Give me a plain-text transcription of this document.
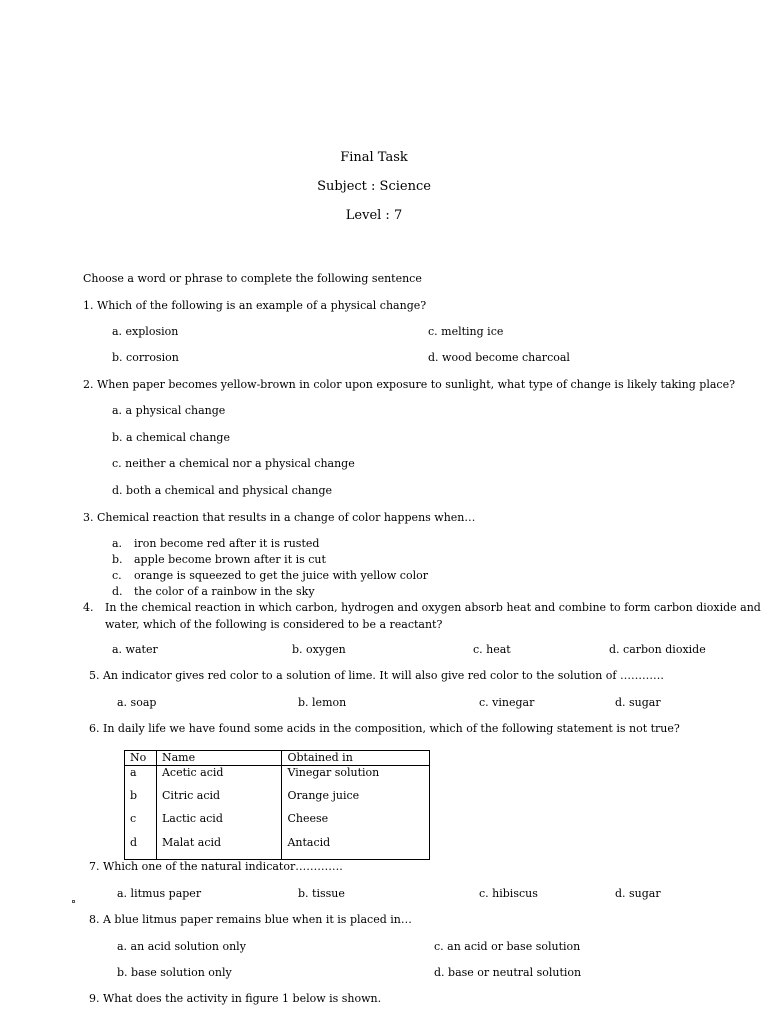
Final Task
Subject : Science
Level : 7
Choose a word or phrase to complete the following sentence
1. Which of the following is an example of a physical change?
a. explosion	c. melting ice
b. corrosion	d. wood become charcoal
2. When paper becomes yellow-brown in color upon exposure to sunlight, what type of change is likely taking place?
a. a physical change
b. a chemical change
c. neither a chemical nor a physical change
d. both a chemical and physical change
3. Chemical reaction that results in a change of color happens when…
a. iron become red after it is rusted
b. apple become brown after it is cut
c. orange is squeezed to get the juice with yellow color
d. the color of a rainbow in the sky
4. In the chemical reaction in which carbon, hydrogen and oxygen absorb heat and combine to form carbon dioxide and
water, which of the following is considered to be a reactant?
a. water	b. oxygen	c. heat	d. carbon dioxide
5. An indicator gives red color to a solution of lime. It will also give red color to the solution of …………
a. soap	b. lemon	c. vinegar	d. sugar
6. In daily life we have found some acids in the composition, which of the following statement is not true?
No	Name	Obtained in
a	Acetic acid	Vinegar solution
b	Citric acid	Orange juice
c	Lactic acid	Cheese
d	Malat acid	Antacid
7. Which one of the natural indicator………….
a. litmus paper	b. tissue	c. hibiscus	d. sugar
8. A blue litmus paper remains blue when it is placed in…
a. an acid solution only	c. an acid or base solution
b. base solution only	d. base or neutral solution
9. What does the activity in figure 1 below is shown.
